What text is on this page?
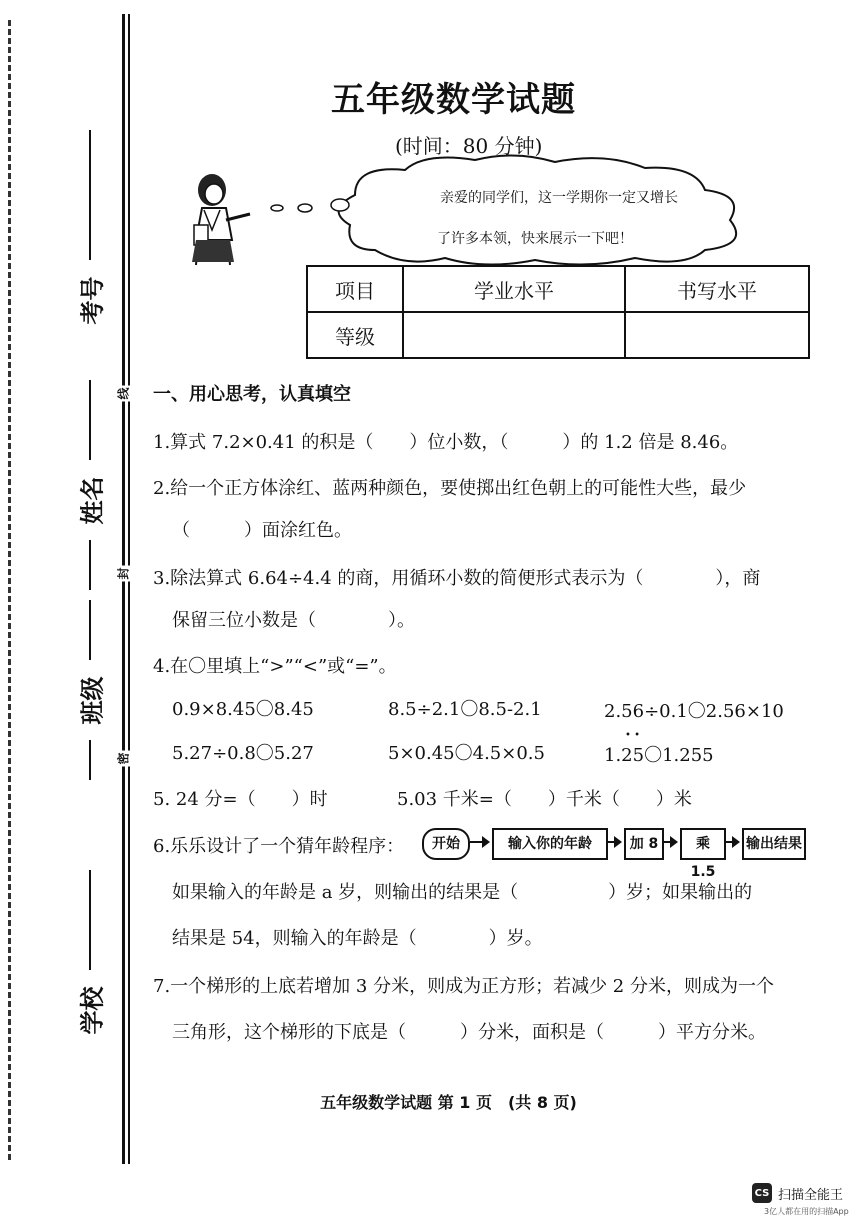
考号
姓名
班级
学校
线
封
密
五年级数学试题
(时间：80 分钟)
亲爱的同学们，这一学期你一定又增长
了许多本领，快来展示一下吧！
项目	学业水平	书写水平
等级		
一、用心思考，认真填空
1.算式 7.2×0.41 的积是（　　）位小数，（　　　）的 1.2 倍是 8.46。
2.给一个正方体涂红、蓝两种颜色，要使掷出红色朝上的可能性大些，最少
（　　　）面涂红色。
3.除法算式 6.64÷4.4 的商，用循环小数的简便形式表示为（　　　　），商
保留三位小数是（　　　　）。
4.在〇里填上“>”“<”或“=”。
0.9×8.45〇8.45	8.5÷2.1〇8.5-2.1	2.56÷0.1〇2.56×10
5.27÷0.8〇5.27	5×0.45〇4.5×0.5	1.25〇1.255
• •
5. 24 分=（　　）时	5.03 千米=（　　）千米（　　）米
6.乐乐设计了一个猜年龄程序：	开始	输入你的年龄	加 8	乘 1.5
输出结果
如果输入的年龄是 a 岁，则输出的结果是（　　　　　）岁；如果输出的
结果是 54，则输入的年龄是（　　　　）岁。
7.一个梯形的上底若增加 3 分米，则成为正方形；若减少 2 分米，则成为一个
三角形，这个梯形的下底是（　　　）分米，面积是（　　　）平方分米。
五年级数学试题 第 1 页　(共 8 页)
CS 扫描全能王
3亿人都在用的扫描App
